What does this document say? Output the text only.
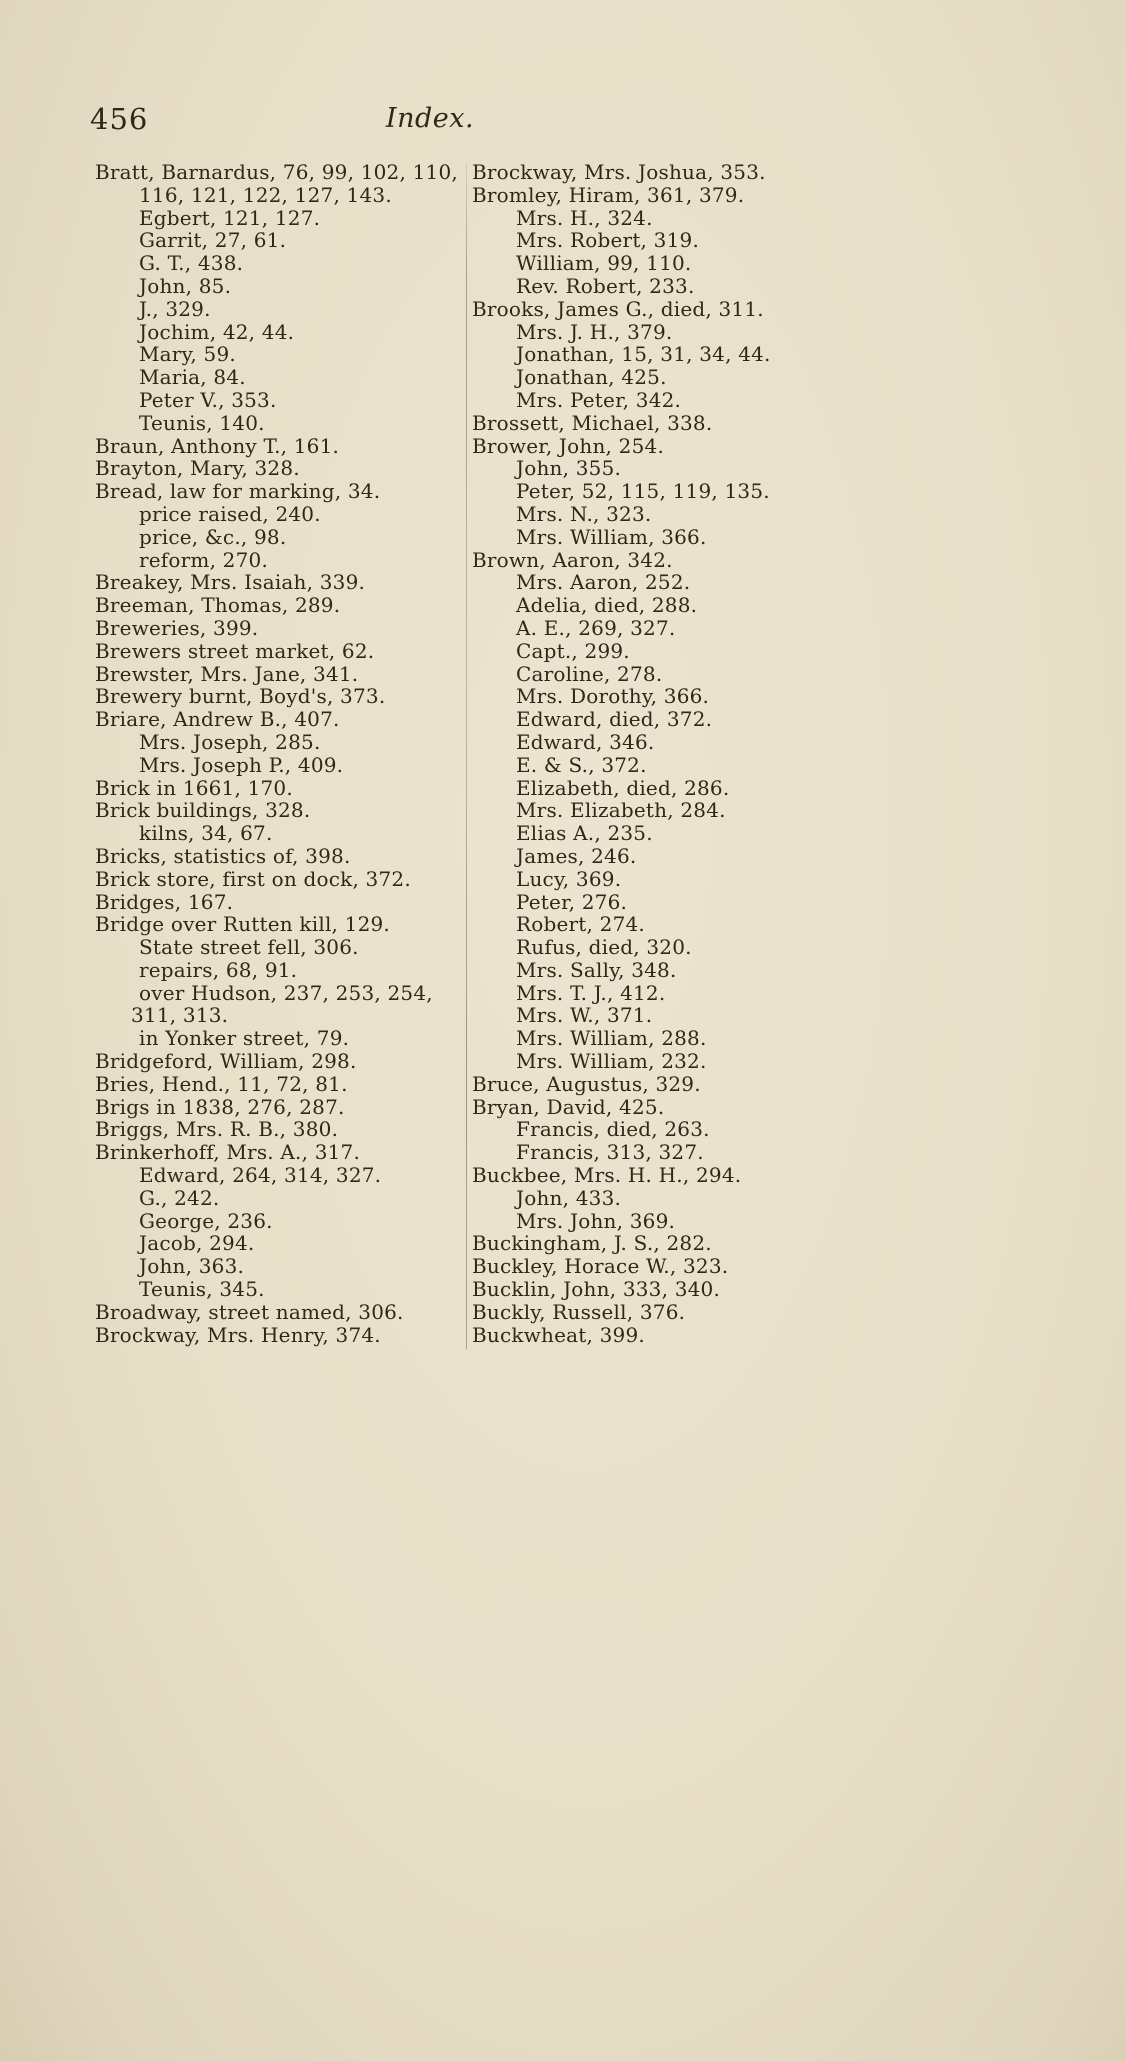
456	Index.
Bratt, Barnardus, 76, 99, 102, 110,
116, 121, 122, 127, 143.
Egbert, 121, 127.
Garrit, 27, 61.
G. T., 438.
John, 85.
J., 329.
Jochim, 42, 44.
Mary, 59.
Maria, 84.
Peter V., 353.
Teunis, 140.
Braun, Anthony T., 161.
Brayton, Mary, 328.
Bread, law for marking, 34.
price raised, 240.
price, &c., 98.
reform, 270.
Breakey, Mrs. Isaiah, 339.
Breeman, Thomas, 289.
Breweries, 399.
Brewers street market, 62.
Brewster, Mrs. Jane, 341.
Brewery burnt, Boyd's, 373.
Briare, Andrew B., 407.
Mrs. Joseph, 285.
Mrs. Joseph P., 409.
Brick in 1661, 170.
Brick buildings, 328.
kilns, 34, 67.
Bricks, statistics of, 398.
Brick store, first on dock, 372.
Bridges, 167.
Bridge over Rutten kill, 129.
State street fell, 306.
repairs, 68, 91.
over Hudson, 237, 253, 254,
311, 313.
in Yonker street, 79.
Bridgeford, William, 298.
Bries, Hend., 11, 72, 81.
Brigs in 1838, 276, 287.
Briggs, Mrs. R. B., 380.
Brinkerhoff, Mrs. A., 317.
Edward, 264, 314, 327.
G., 242.
George, 236.
Jacob, 294.
John, 363.
Teunis, 345.
Broadway, street named, 306.
Brockway, Mrs. Henry, 374.
Brockway, Mrs. Joshua, 353.
Bromley, Hiram, 361, 379.
Mrs. H., 324.
Mrs. Robert, 319.
William, 99, 110.
Rev. Robert, 233.
Brooks, James G., died, 311.
Mrs. J. H., 379.
Jonathan, 15, 31, 34, 44.
Jonathan, 425.
Mrs. Peter, 342.
Brossett, Michael, 338.
Brower, John, 254.
John, 355.
Peter, 52, 115, 119, 135.
Mrs. N., 323.
Mrs. William, 366.
Brown, Aaron, 342.
Mrs. Aaron, 252.
Adelia, died, 288.
A. E., 269, 327.
Capt., 299.
Caroline, 278.
Mrs. Dorothy, 366.
Edward, died, 372.
Edward, 346.
E. & S., 372.
Elizabeth, died, 286.
Mrs. Elizabeth, 284.
Elias A., 235.
James, 246.
Lucy, 369.
Peter, 276.
Robert, 274.
Rufus, died, 320.
Mrs. Sally, 348.
Mrs. T. J., 412.
Mrs. W., 371.
Mrs. William, 288.
Mrs. William, 232.
Bruce, Augustus, 329.
Bryan, David, 425.
Francis, died, 263.
Francis, 313, 327.
Buckbee, Mrs. H. H., 294.
John, 433.
Mrs. John, 369.
Buckingham, J. S., 282.
Buckley, Horace W., 323.
Bucklin, John, 333, 340.
Buckly, Russell, 376.
Buckwheat, 399.
